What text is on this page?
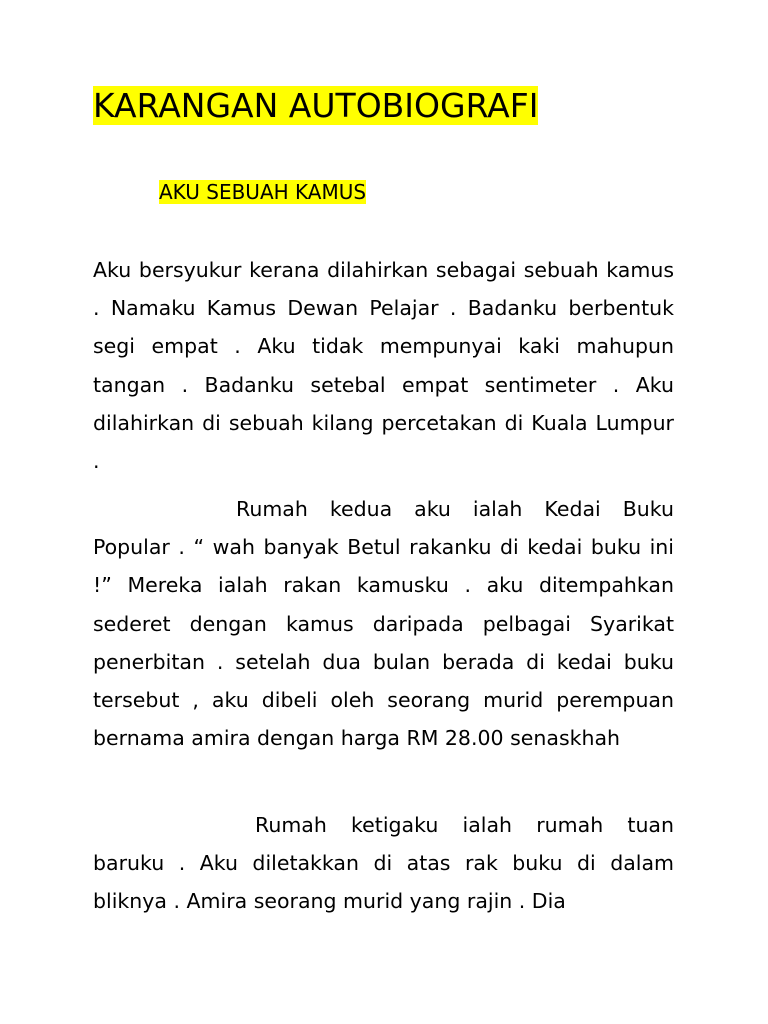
KARANGAN AUTOBIOGRAFI
AKU SEBUAH KAMUS

Aku bersyukur kerana dilahirkan sebagai sebuah kamus . Namaku Kamus Dewan Pelajar . Badanku berbentuk segi empat . Aku tidak mempunyai kaki mahupun tangan . Badanku setebal empat sentimeter . Aku dilahirkan di sebuah kilang percetakan di Kuala Lumpur .

Rumah kedua aku ialah Kedai Buku Popular . “ wah banyak Betul rakanku di kedai buku ini !” Mereka ialah rakan kamusku . aku ditempahkan sederet dengan kamus daripada pelbagai Syarikat penerbitan . setelah dua bulan berada di kedai buku tersebut , aku dibeli oleh seorang murid perempuan bernama amira dengan harga RM 28.00 senaskhah

Rumah ketigaku ialah rumah tuan baruku . Aku diletakkan di atas rak buku di dalam bliknya . Amira seorang murid yang rajin . Dia
